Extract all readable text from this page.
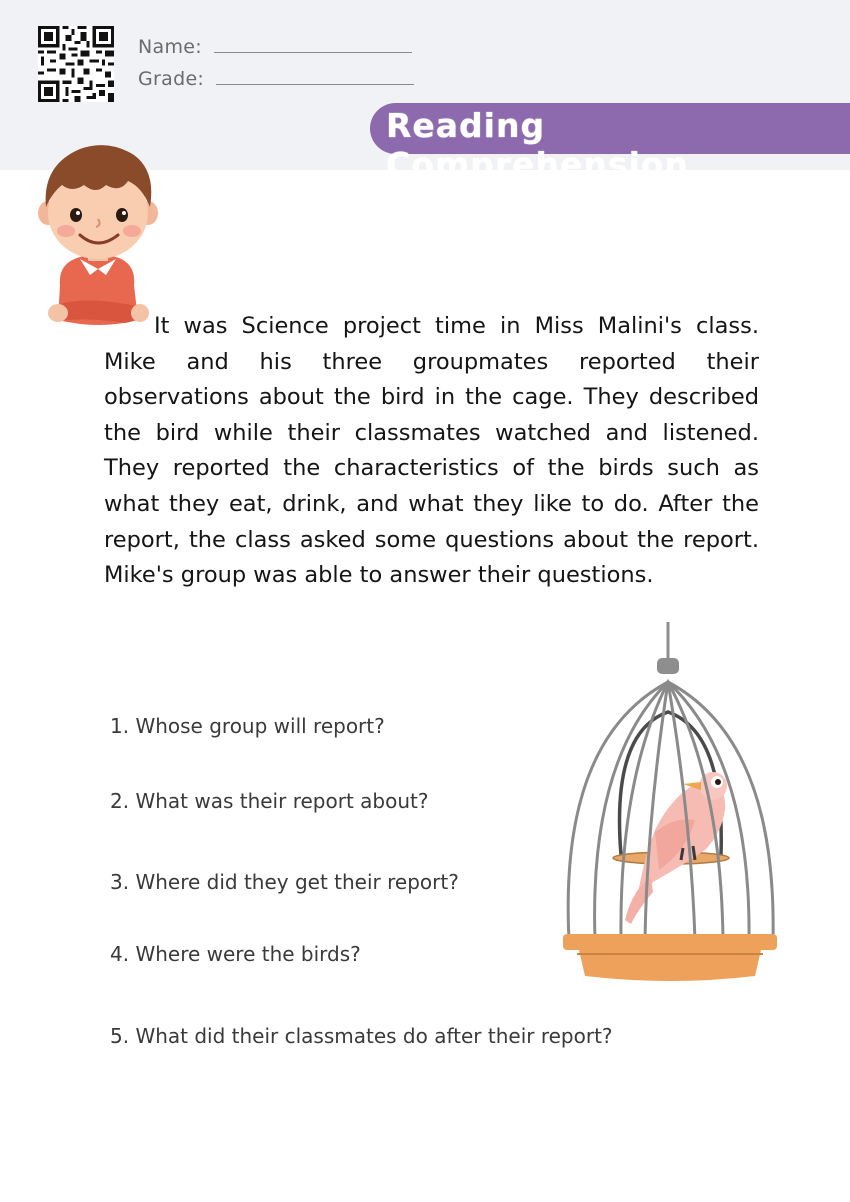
Name:
Grade:
Reading Comprehension

It was Science project time in Miss Malini's class. Mike and his three groupmates reported their observations about the bird in the cage. They described the bird while their classmates watched and listened. They reported the characteristics of the birds such as what they eat, drink, and what they like to do. After the report, the class asked some questions about the report. Mike's group was able to answer their questions.

1. Whose group will report?

2. What was their report about?

3. Where did they get their report?

4. Where were the birds?

5. What did their classmates do after their report?
